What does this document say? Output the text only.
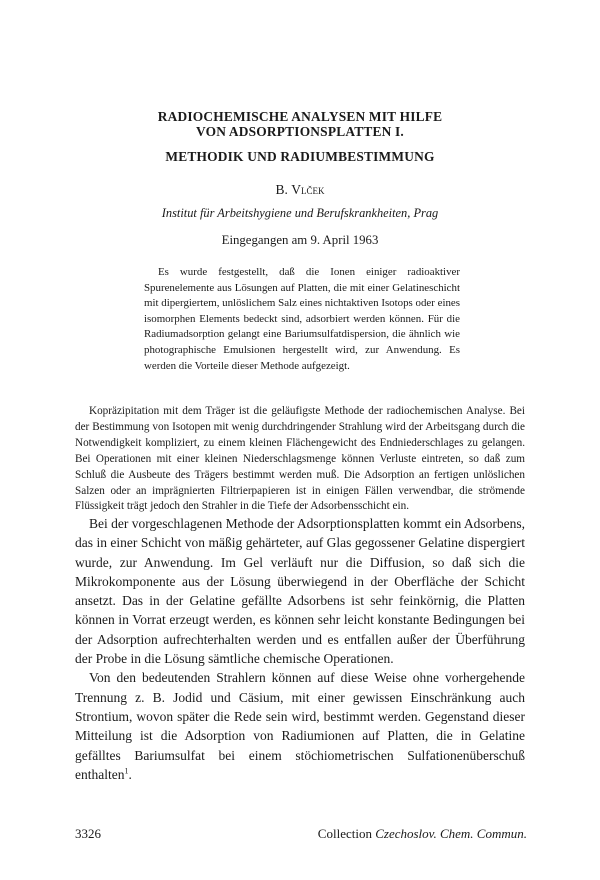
RADIOCHEMISCHE ANALYSEN MIT HILFE
VON ADSORPTIONSPLATTEN I.
METHODIK UND RADIUMBESTIMMUNG
B. Vlček
Institut für Arbeitshygiene und Berufskrankheiten, Prag
Eingegangen am 9. April 1963

Es wurde festgestellt, daß die Ionen einiger radioaktiver Spurenelemente aus Lösungen auf Platten, die mit einer Gelatineschicht mit dipergiertem, unlöslichem Salz eines nichtaktiven Isotops oder eines isomorphen Elements bedeckt sind, adsorbiert werden können. Für die Radiumadsorption gelangt eine Bariumsulfatdispersion, die ähnlich wie photographische Emulsionen hergestellt wird, zur Anwendung. Es werden die Vorteile dieser Methode aufgezeigt.

Kopräzipitation mit dem Träger ist die geläufigste Methode der radiochemischen Analyse. Bei der Bestimmung von Isotopen mit wenig durchdringender Strahlung wird der Arbeitsgang durch die Notwendigkeit kompliziert, zu einem kleinen Flächengewicht des Endniederschlages zu gelangen. Bei Operationen mit einer kleinen Niederschlagsmenge können Verluste eintreten, so daß zum Schluß die Ausbeute des Trägers bestimmt werden muß. Die Adsorption an fertigen unlöslichen Salzen oder an imprägnierten Filtrierpapieren ist in einigen Fällen verwendbar, die strömende Flüssigkeit trägt jedoch den Strahler in die Tiefe der Adsorbensschicht ein.

Bei der vorgeschlagenen Methode der Adsorptionsplatten kommt ein Adsorbens, das in einer Schicht von mäßig gehärteter, auf Glas gegossener Gelatine dispergiert wurde, zur Anwendung. Im Gel verläuft nur die Diffusion, so daß sich die Mikrokomponente aus der Lösung überwiegend in der Oberfläche der Schicht ansetzt. Das in der Gelatine gefällte Adsorbens ist sehr feinkörnig, die Platten können in Vorrat erzeugt werden, es können sehr leicht konstante Bedingungen bei der Adsorption aufrechterhalten werden und es entfallen außer der Überführung der Probe in die Lösung sämtliche chemische Operationen.

Von den bedeutenden Strahlern können auf diese Weise ohne vorhergehende Trennung z. B. Jodid und Cäsium, mit einer gewissen Einschränkung auch Strontium, wovon später die Rede sein wird, bestimmt werden. Gegenstand dieser Mitteilung ist die Adsorption von Radiumionen auf Platten, die in Gelatine gefälltes Bariumsulfat bei einem stöchiometrischen Sulfationenüberschuß enthalten$^1$.

3326	Collection Czechoslov. Chem. Commun.
